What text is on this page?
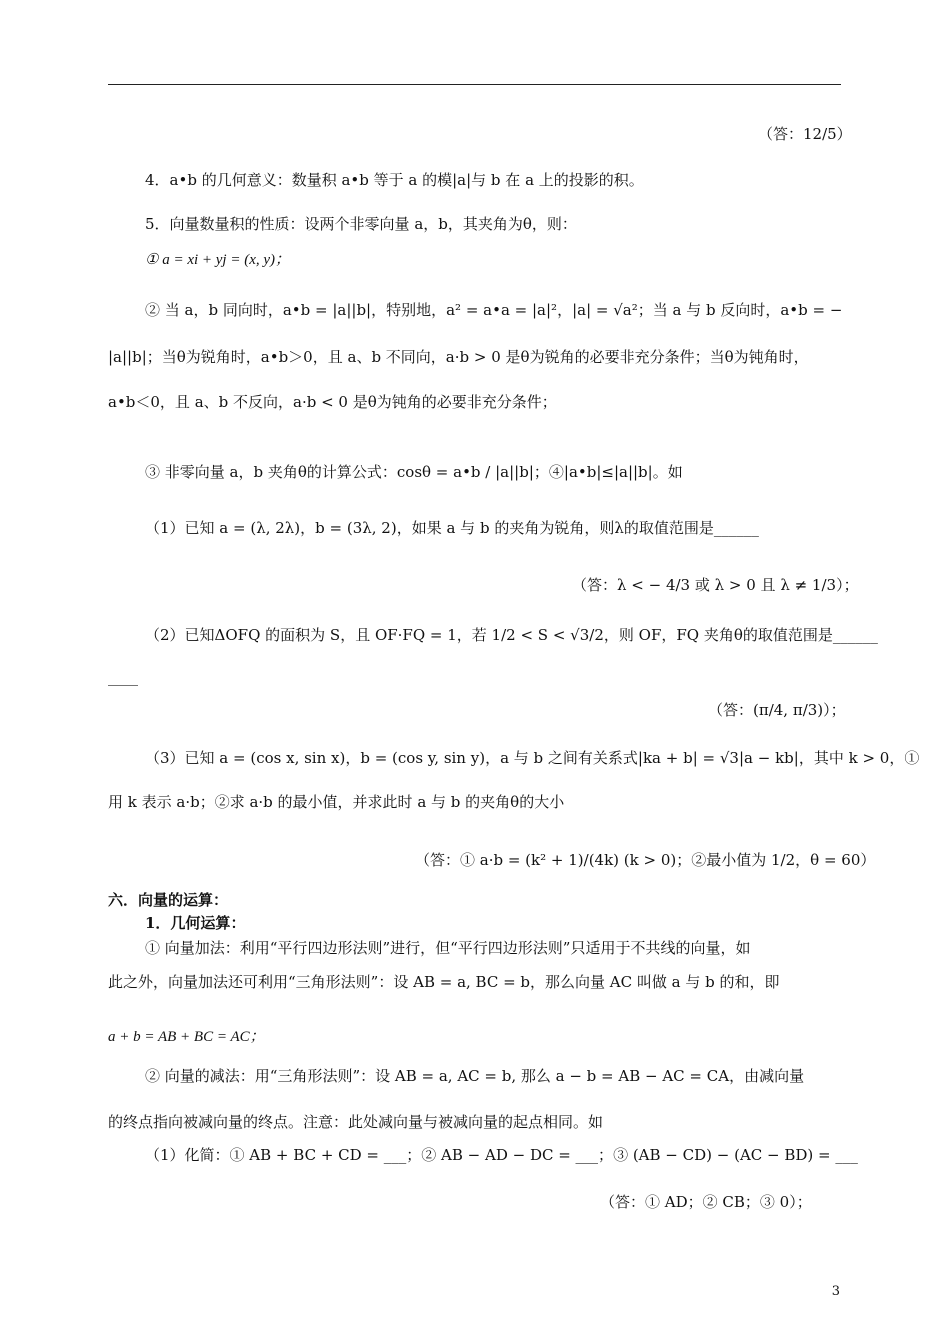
（答：12/5）
4．a•b 的几何意义：数量积 a•b 等于 a 的模|a|与 b 在 a 上的投影的积。
5．向量数量积的性质：设两个非零向量 a，b，其夹角为θ，则：
① a = xi + yj = (x, y)；
② 当 a，b 同向时，a•b = |a||b|，特别地，a² = a•a = |a|²，|a| = √a²；当 a 与 b 反向时，a•b = −
|a||b|；当θ为锐角时，a•b＞0，且 a、b 不同向，a·b > 0 是θ为锐角的必要非充分条件；当θ为钝角时，
a•b＜0，且 a、b 不反向，a·b < 0 是θ为钝角的必要非充分条件；
③ 非零向量 a，b 夹角θ的计算公式：cosθ = a•b / |a||b|；④|a•b|≤|a||b|。如
（1）已知 a = (λ, 2λ)，b = (3λ, 2)，如果 a 与 b 的夹角为锐角，则λ的取值范围是______
（答：λ < − 4/3 或 λ > 0 且 λ ≠ 1/3）；
（2）已知ΔOFQ 的面积为 S，且 OF·FQ = 1，若 1/2 < S < √3/2，则 OF，FQ 夹角θ的取值范围是______
____
（答：(π/4, π/3)）；
（3）已知 a = (cos x, sin x)，b = (cos y, sin y)，a 与 b 之间有关系式|ka + b| = √3|a − kb|，其中 k > 0，①
用 k 表示 a·b；②求 a·b 的最小值，并求此时 a 与 b 的夹角θ的大小
（答：① a·b = (k² + 1)/(4k) (k > 0)；②最小值为 1/2，θ = 60）
六．向量的运算：
1．几何运算：
① 向量加法：利用“平行四边形法则”进行，但“平行四边形法则”只适用于不共线的向量，如
此之外，向量加法还可利用“三角形法则”：设 AB = a, BC = b，那么向量 AC 叫做 a 与 b 的和，即
a + b = AB + BC = AC；
② 向量的减法：用“三角形法则”：设 AB = a, AC = b, 那么 a − b = AB − AC = CA，由减向量
的终点指向被减向量的终点。注意：此处减向量与被减向量的起点相同。如
（1）化简：① AB + BC + CD = ___；② AB − AD − DC = ___；③ (AB − CD) − (AC − BD) = ___
（答：① AD；② CB；③ 0）；
3
